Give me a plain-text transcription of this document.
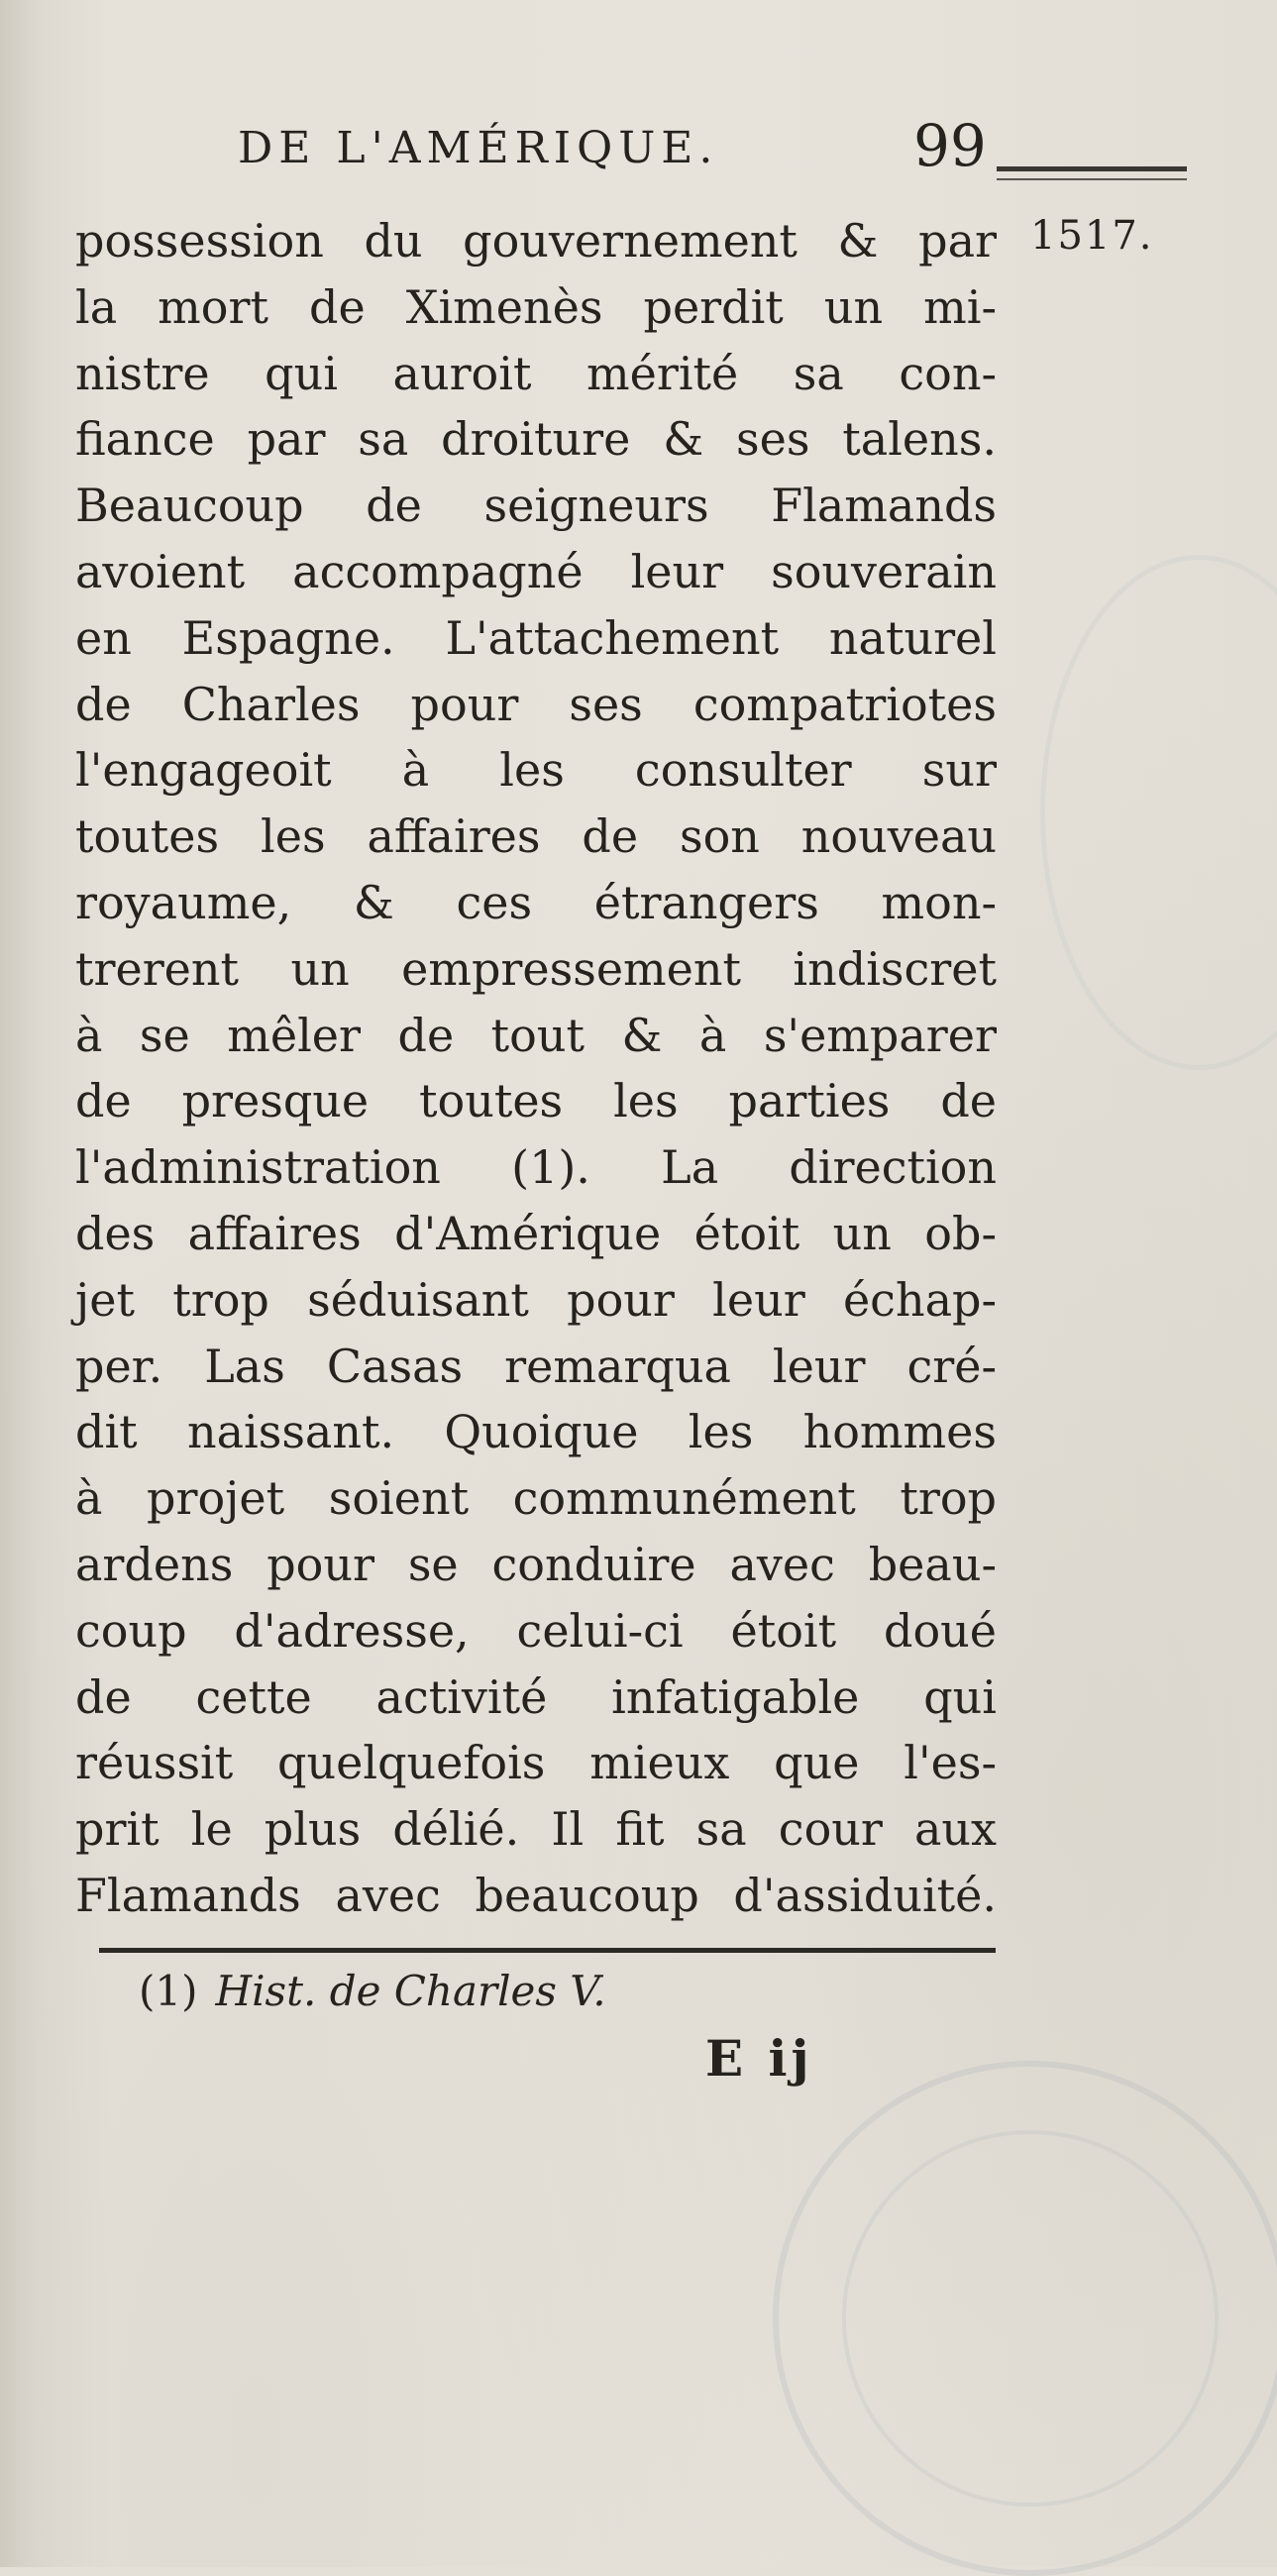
DE L'AMÉRIQUE.	99
1517.
possession du gouvernement & par
la mort de Ximenès perdit un mi-
nistre qui auroit mérité sa con-
fiance par sa droiture & ses talens.
Beaucoup de seigneurs Flamands
avoient accompagné leur souverain
en Espagne. L'attachement naturel
de Charles pour ses compatriotes
l'engageoit à les consulter sur
toutes les affaires de son nouveau
royaume, & ces étrangers mon-
trerent un empressement indiscret
à se mêler de tout & à s'emparer
de presque toutes les parties de
l'administration (1). La direction
des affaires d'Amérique étoit un ob-
jet trop séduisant pour leur échap-
per. Las Casas remarqua leur cré-
dit naissant. Quoique les hommes
à projet soient communément trop
ardens pour se conduire avec beau-
coup d'adresse, celui-ci étoit doué
de cette activité infatigable qui
réussit quelquefois mieux que l'es-
prit le plus délié. Il fit sa cour aux
Flamands avec beaucoup d'assiduité.
(1) Hist. de Charles V.
E ij
